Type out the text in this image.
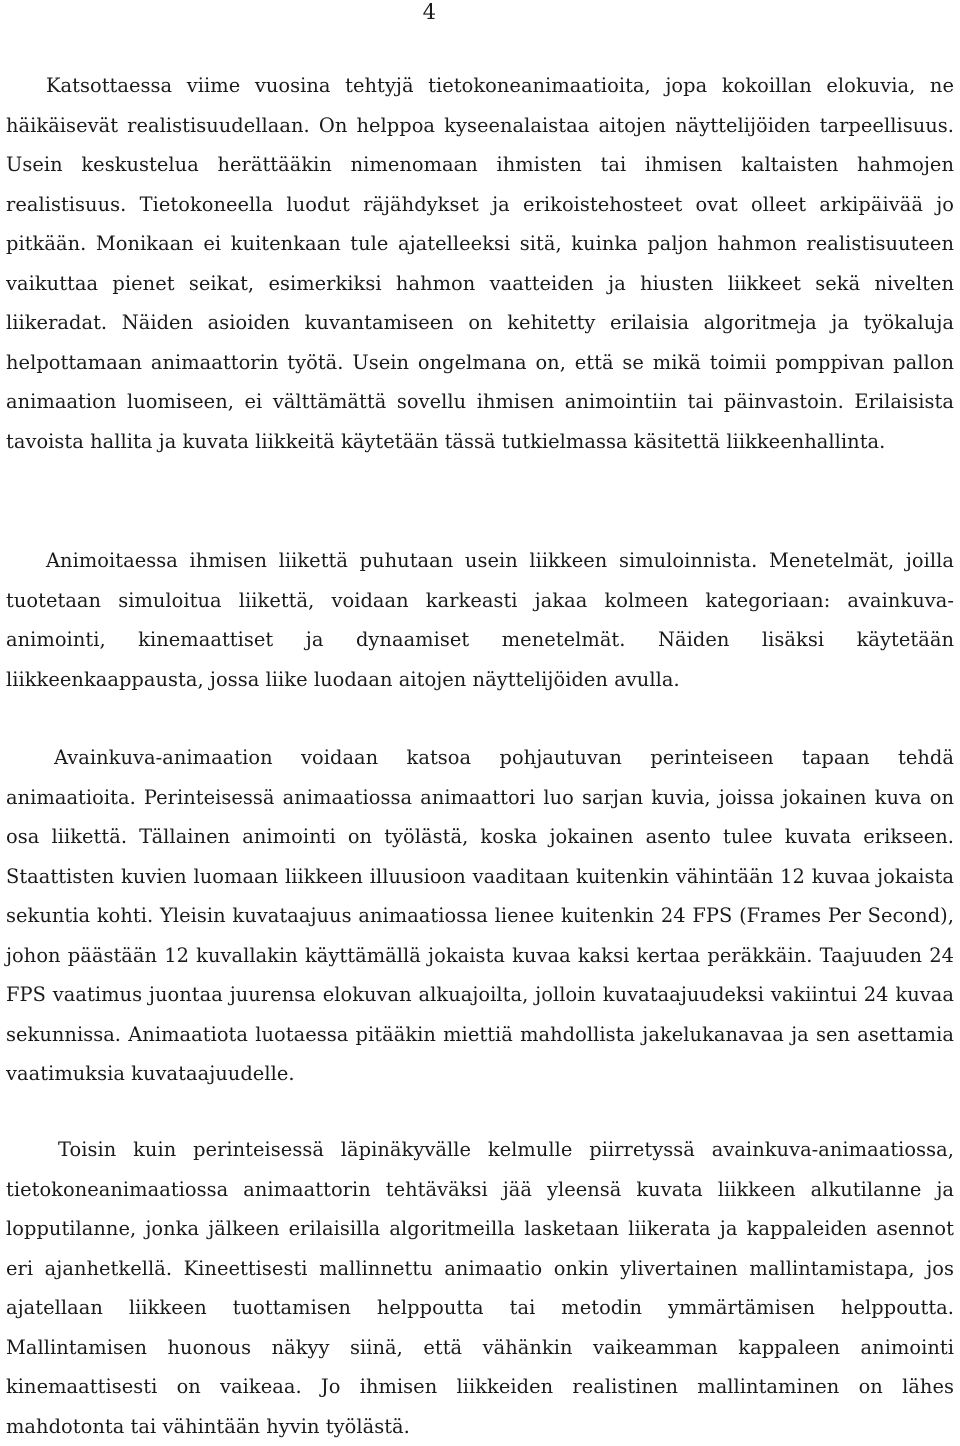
4

Katsottaessa viime vuosina tehtyjä tietokoneanimaatioita, jopa kokoillan elokuvia, ne häikäisevät realistisuudellaan. On helppoa kyseenalaistaa aitojen näyttelijöiden tarpeellisuus. Usein keskustelua herättääkin nimenomaan ihmisten tai ihmisen kaltaisten hahmojen realistisuus. Tietokoneella luodut räjähdykset ja erikoistehosteet ovat olleet arkipäivää jo pitkään. Monikaan ei kuitenkaan tule ajatelleeksi sitä, kuinka paljon hahmon realistisuuteen vaikuttaa pienet seikat, esimerkiksi hahmon vaatteiden ja hiusten liikkeet sekä nivelten liikeradat. Näiden asioiden kuvantamiseen on kehitetty erilaisia algoritmeja ja työkaluja helpottamaan animaattorin työtä. Usein ongelmana on, että se mikä toimii pomppivan pallon animaation luomiseen, ei välttämättä sovellu ihmisen animointiin tai päinvastoin. Erilaisista tavoista hallita ja kuvata liikkeitä käytetään tässä tutkielmassa käsitettä liikkeenhallinta.

Animoitaessa ihmisen liikettä puhutaan usein liikkeen simuloinnista. Menetelmät, joilla tuotetaan simuloitua liikettä, voidaan karkeasti jakaa kolmeen kategoriaan: avainkuva-animointi, kinemaattiset ja dynaamiset menetelmät. Näiden lisäksi käytetään liikkeenkaappausta, jossa liike luodaan aitojen näyttelijöiden avulla.

Avainkuva-animaation voidaan katsoa pohjautuvan perinteiseen tapaan tehdä animaatioita. Perinteisessä animaatiossa animaattori luo sarjan kuvia, joissa jokainen kuva on osa liikettä. Tällainen animointi on työlästä, koska jokainen asento tulee kuvata erikseen. Staattisten kuvien luomaan liikkeen illuusioon vaaditaan kuitenkin vähintään 12 kuvaa jokaista sekuntia kohti. Yleisin kuvataajuus animaatiossa lienee kuitenkin 24 FPS (Frames Per Second), johon päästään 12 kuvallakin käyttämällä jokaista kuvaa kaksi kertaa peräkkäin. Taajuuden 24 FPS vaatimus juontaa juurensa elokuvan alkuajoilta, jolloin kuvataajuudeksi vakiintui 24 kuvaa sekunnissa. Animaatiota luotaessa pitääkin miettiä mahdollista jakelukanavaa ja sen asettamia vaatimuksia kuvataajuudelle.

Toisin kuin perinteisessä läpinäkyvälle kelmulle piirretyssä avainkuva-animaatiossa, tietokoneanimaatiossa animaattorin tehtäväksi jää yleensä kuvata liikkeen alkutilanne ja lopputilanne, jonka jälkeen erilaisilla algoritmeilla lasketaan liikerata ja kappaleiden asennot eri ajanhetkellä. Kineettisesti mallinnettu animaatio onkin ylivertainen mallintamistapa, jos ajatellaan liikkeen tuottamisen helppoutta tai metodin ymmärtämisen helppoutta. Mallintamisen huonous näkyy siinä, että vähänkin vaikeamman kappaleen animointi kinemaattisesti on vaikeaa. Jo ihmisen liikkeiden realistinen mallintaminen on lähes mahdotonta tai vähintään hyvin työlästä.
